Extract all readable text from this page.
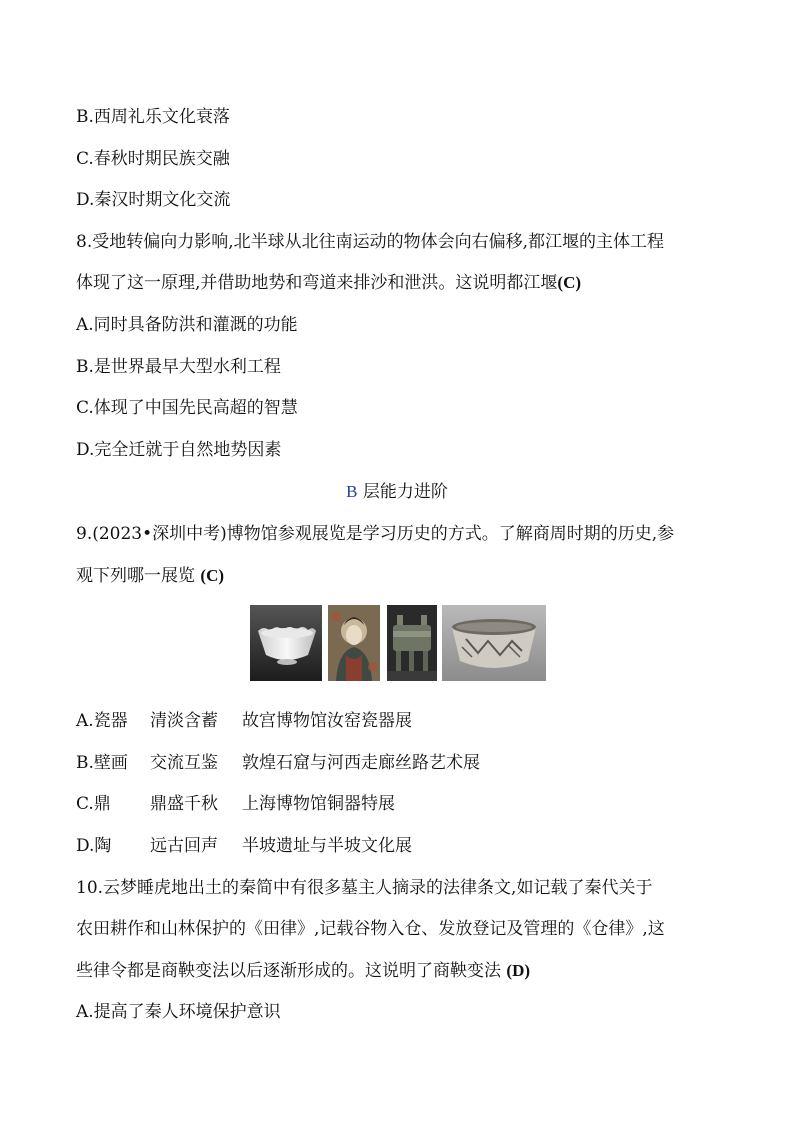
B.西周礼乐文化衰落
C.春秋时期民族交融
D.秦汉时期文化交流
8.受地转偏向力影响,北半球从北往南运动的物体会向右偏移,都江堰的主体工程
体现了这一原理,并借助地势和弯道来排沙和泄洪。这说明都江堰(C)
A.同时具备防洪和灌溉的功能
B.是世界最早大型水利工程
C.体现了中国先民高超的智慧
D.完全迁就于自然地势因素
B 层能力进阶
9.(2023•深圳中考)博物馆参观展览是学习历史的方式。了解商周时期的历史,参
观下列哪一展览 (C)
A.瓷器 清淡含蓄 故宫博物馆汝窑瓷器展
B.壁画 交流互鉴 敦煌石窟与河西走廊丝路艺术展
C.鼎 鼎盛千秋 上海博物馆铜器特展
D.陶 远古回声 半坡遗址与半坡文化展
10.云梦睡虎地出土的秦简中有很多墓主人摘录的法律条文,如记载了秦代关于
农田耕作和山林保护的《田律》,记载谷物入仓、发放登记及管理的《仓律》,这
些律令都是商鞅变法以后逐渐形成的。这说明了商鞅变法 (D)
A.提高了秦人环境保护意识
